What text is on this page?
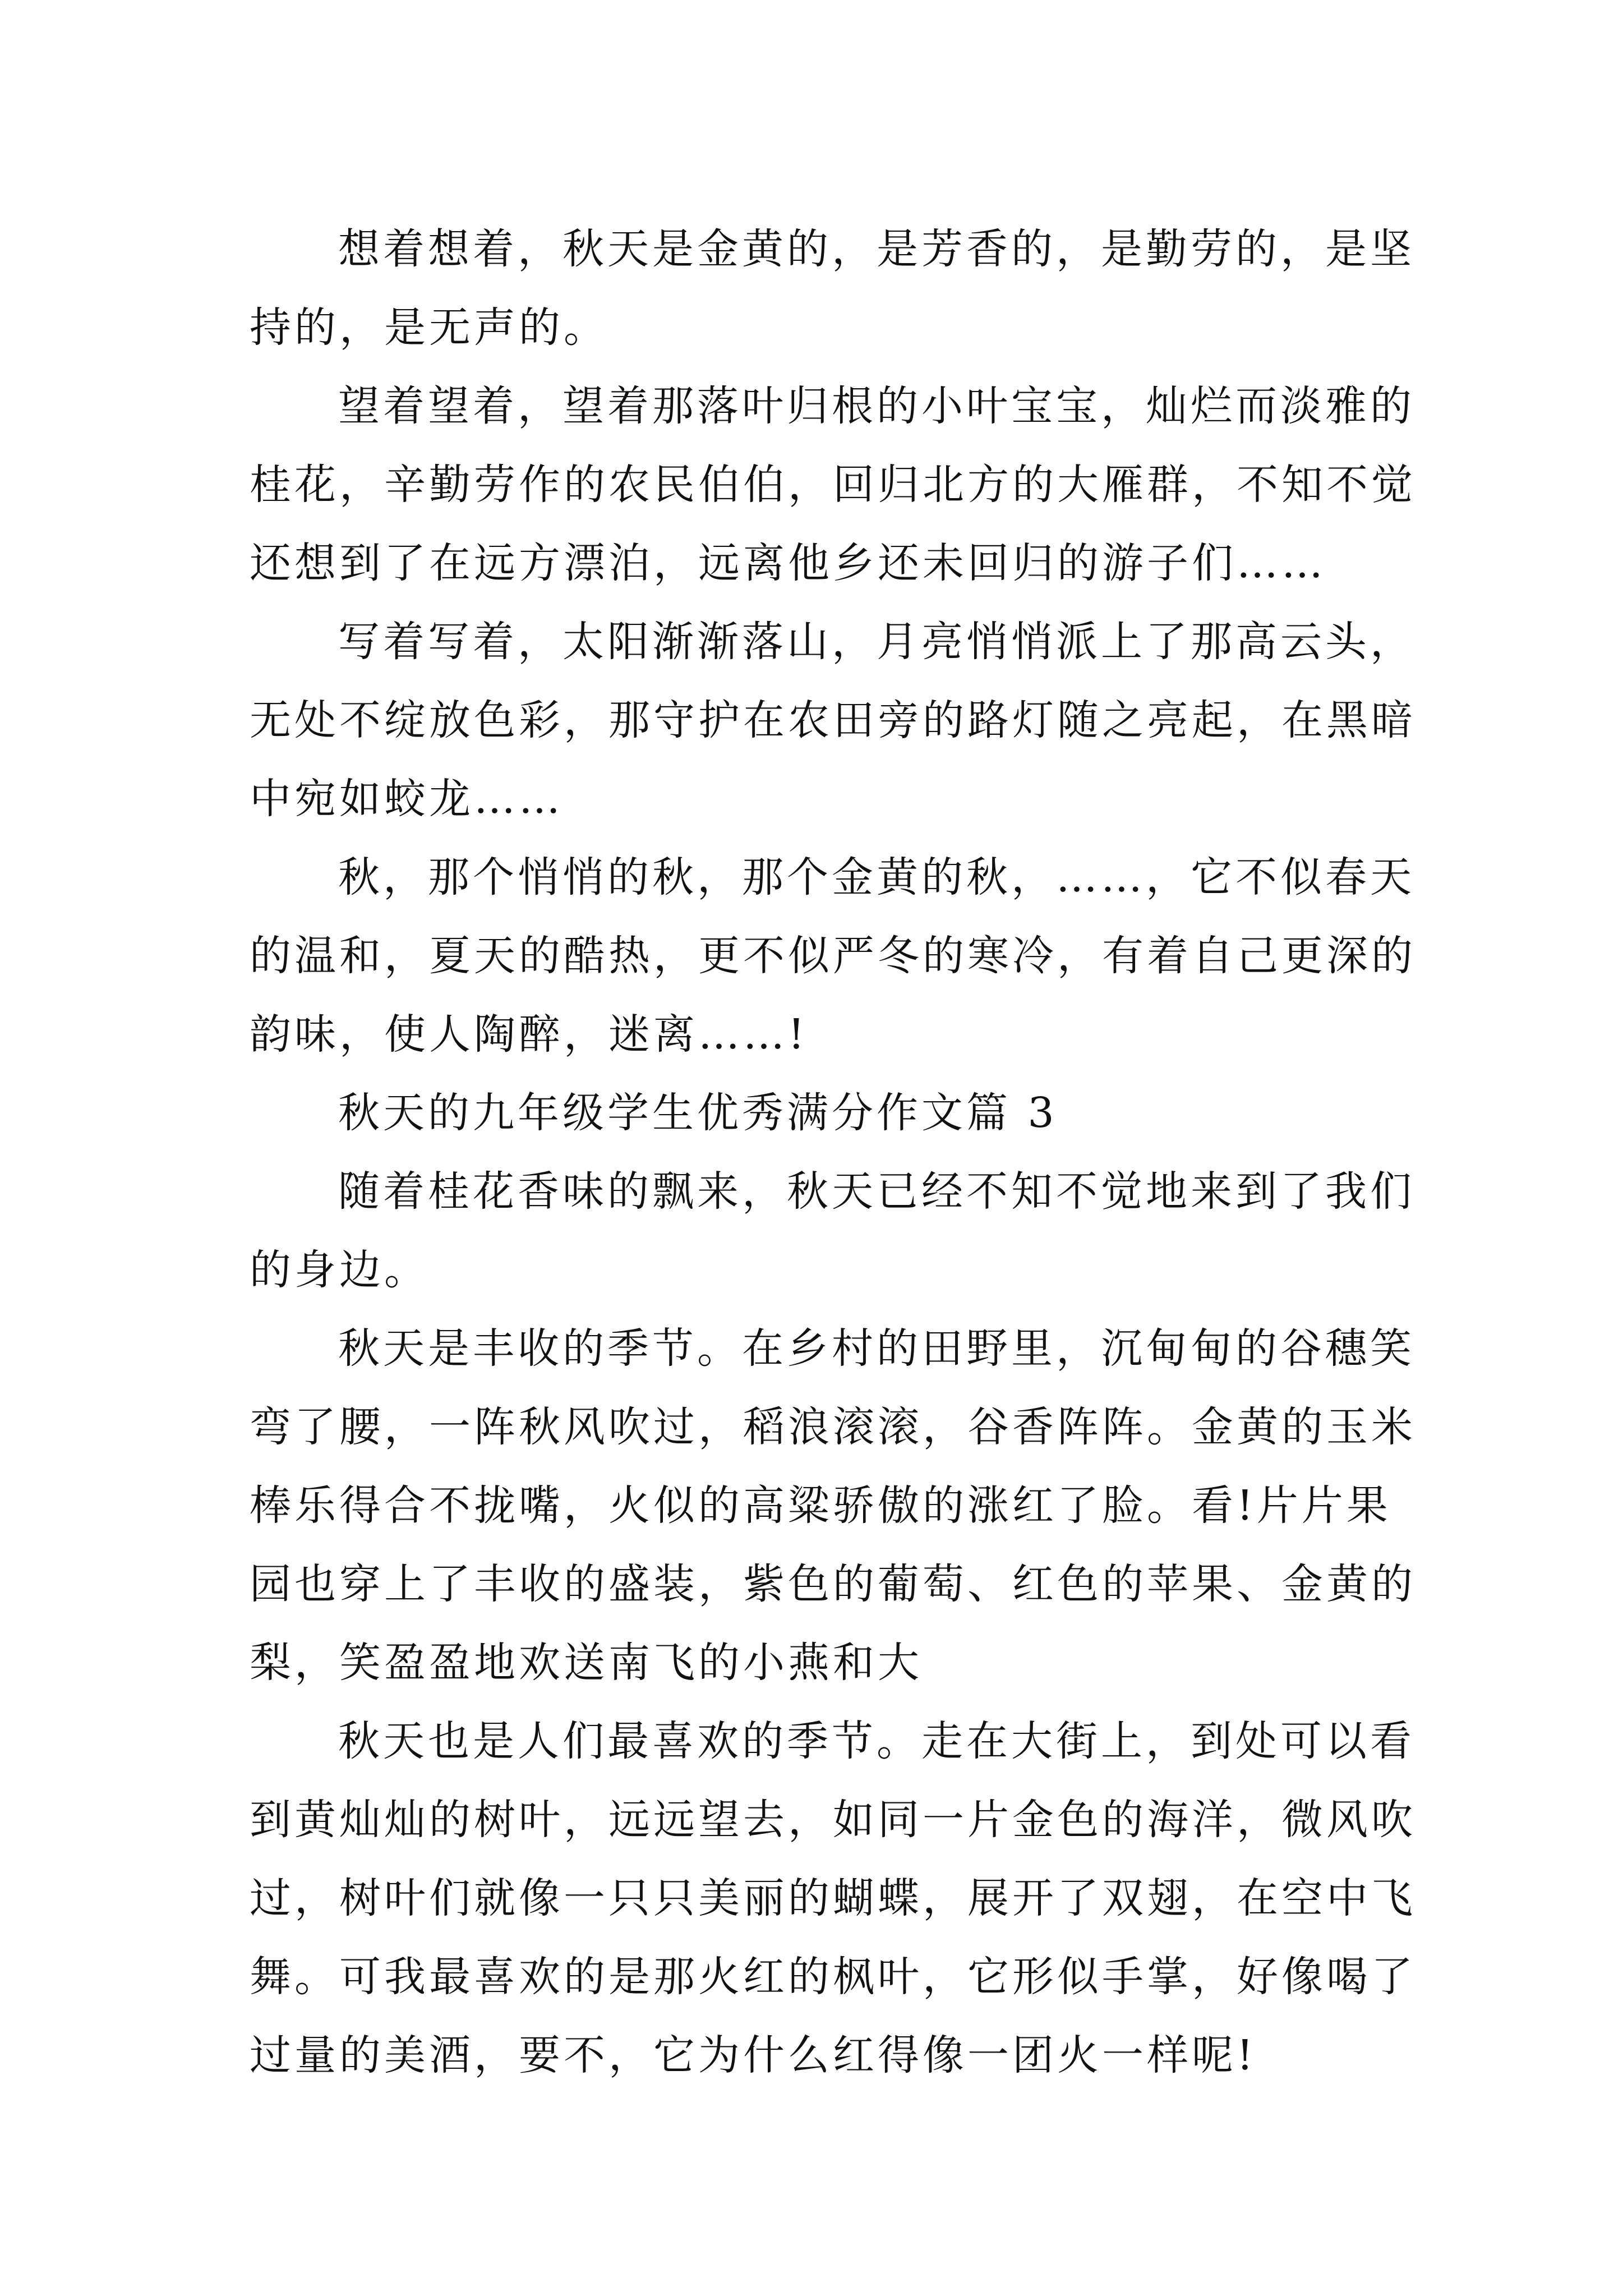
想着想着，秋天是金黄的，是芳香的，是勤劳的，是坚
持的，是无声的。
望着望着，望着那落叶归根的小叶宝宝，灿烂而淡雅的
桂花，辛勤劳作的农民伯伯，回归北方的大雁群，不知不觉
还想到了在远方漂泊，远离他乡还未回归的游子们……
写着写着，太阳渐渐落山，月亮悄悄派上了那高云头，
无处不绽放色彩，那守护在农田旁的路灯随之亮起，在黑暗
中宛如蛟龙……
秋，那个悄悄的秋，那个金黄的秋，……，它不似春天
的温和，夏天的酷热，更不似严冬的寒冷，有着自己更深的
韵味，使人陶醉，迷离……!
秋天的九年级学生优秀满分作文篇 3
随着桂花香味的飘来，秋天已经不知不觉地来到了我们
的身边。
秋天是丰收的季节。在乡村的田野里，沉甸甸的谷穗笑
弯了腰，一阵秋风吹过，稻浪滚滚，谷香阵阵。金黄的玉米
棒乐得合不拢嘴，火似的高粱骄傲的涨红了脸。看!片片果
园也穿上了丰收的盛装，紫色的葡萄、红色的苹果、金黄的
梨，笑盈盈地欢送南飞的小燕和大
秋天也是人们最喜欢的季节。走在大街上，到处可以看
到黄灿灿的树叶，远远望去，如同一片金色的海洋，微风吹
过，树叶们就像一只只美丽的蝴蝶，展开了双翅，在空中飞
舞。可我最喜欢的是那火红的枫叶，它形似手掌，好像喝了
过量的美酒，要不，它为什么红得像一团火一样呢!
